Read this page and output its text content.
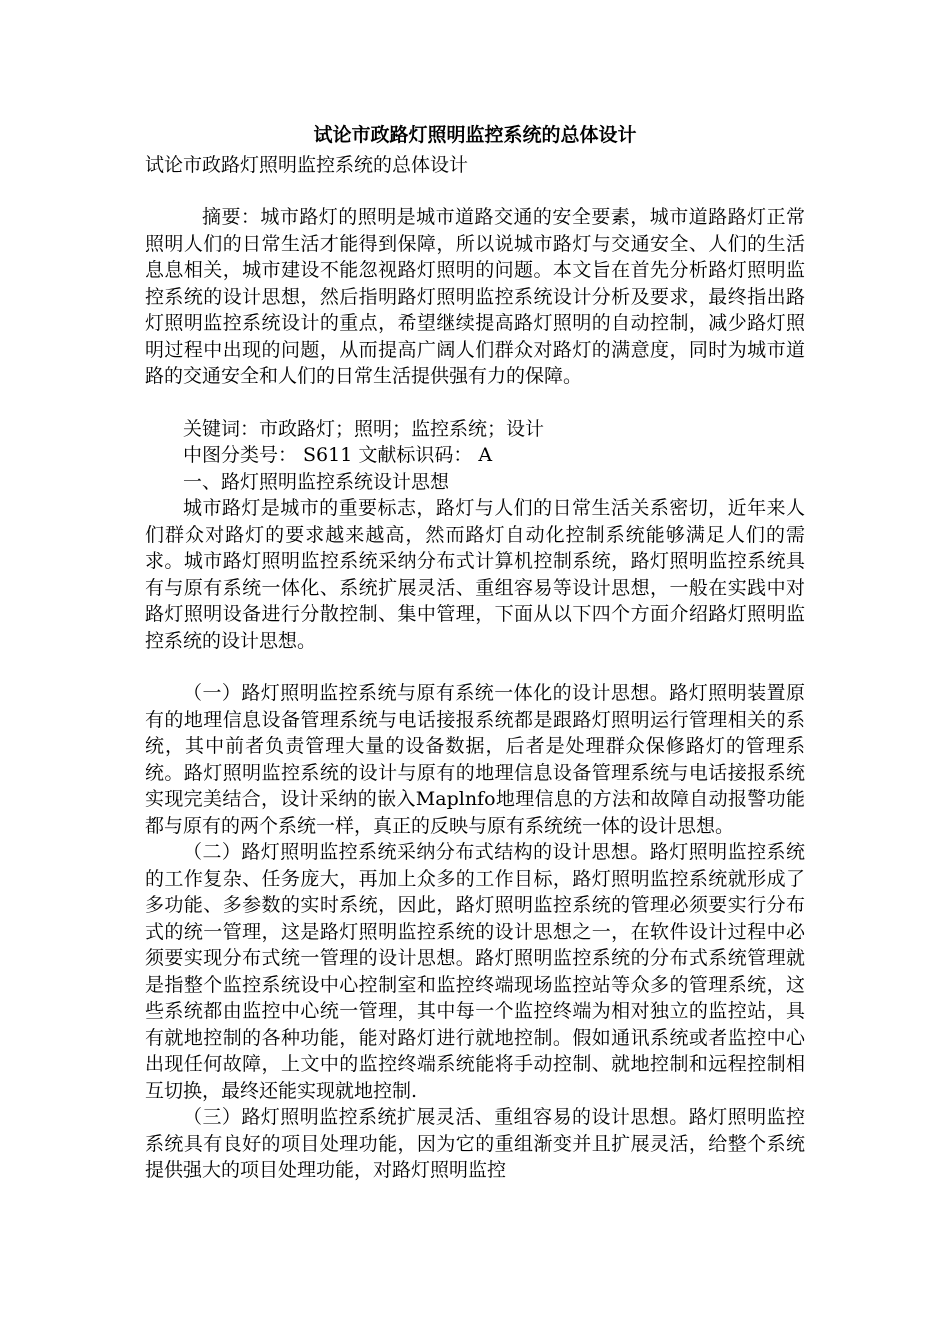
试论市政路灯照明监控系统的总体设计

试论市政路灯照明监控系统的总体设计

摘要：城市路灯的照明是城市道路交通的安全要素，城市道路路灯正常照明人们的日常生活才能得到保障，所以说城市路灯与交通安全、人们的生活息息相关，城市建设不能忽视路灯照明的问题。本文旨在首先分析路灯照明监控系统的设计思想，然后指明路灯照明监控系统设计分析及要求，最终指出路灯照明监控系统设计的重点，希望继续提高路灯照明的自动控制，减少路灯照明过程中出现的问题，从而提高广阔人们群众对路灯的满意度，同时为城市道路的交通安全和人们的日常生活提供强有力的保障。

关键词：市政路灯；照明；监控系统；设计

中图分类号： S611 文献标识码： A

一、路灯照明监控系统设计思想

城市路灯是城市的重要标志，路灯与人们的日常生活关系密切，近年来人们群众对路灯的要求越来越高，然而路灯自动化控制系统能够满足人们的需求。城市路灯照明监控系统采纳分布式计算机控制系统，路灯照明监控系统具有与原有系统一体化、系统扩展灵活、重组容易等设计思想，一般在实践中对路灯照明设备进行分散控制、集中管理，下面从以下四个方面介绍路灯照明监控系统的设计思想。

（一）路灯照明监控系统与原有系统一体化的设计思想。路灯照明装置原有的地理信息设备管理系统与电话接报系统都是跟路灯照明运行管理相关的系统，其中前者负责管理大量的设备数据，后者是处理群众保修路灯的管理系统。路灯照明监控系统的设计与原有的地理信息设备管理系统与电话接报系统实现完美结合，设计采纳的嵌入Maplnfo地理信息的方法和故障自动报警功能都与原有的两个系统一样，真正的反映与原有系统统一体的设计思想。

（二）路灯照明监控系统采纳分布式结构的设计思想。路灯照明监控系统的工作复杂、任务庞大，再加上众多的工作目标，路灯照明监控系统就形成了多功能、多参数的实时系统，因此，路灯照明监控系统的管理必须要实行分布式的统一管理，这是路灯照明监控系统的设计思想之一，在软件设计过程中必须要实现分布式统一管理的设计思想。路灯照明监控系统的分布式系统管理就是指整个监控系统设中心控制室和监控终端现场监控站等众多的管理系统，这些系统都由监控中心统一管理，其中每一个监控终端为相对独立的监控站，具有就地控制的各种功能，能对路灯进行就地控制。假如通讯系统或者监控中心出现任何故障，上文中的监控终端系统能将手动控制、就地控制和远程控制相互切换，最终还能实现就地控制.

（三）路灯照明监控系统扩展灵活、重组容易的设计思想。路灯照明监控系统具有良好的项目处理功能，因为它的重组渐变并且扩展灵活，给整个系统提供强大的项目处理功能，对路灯照明监控
